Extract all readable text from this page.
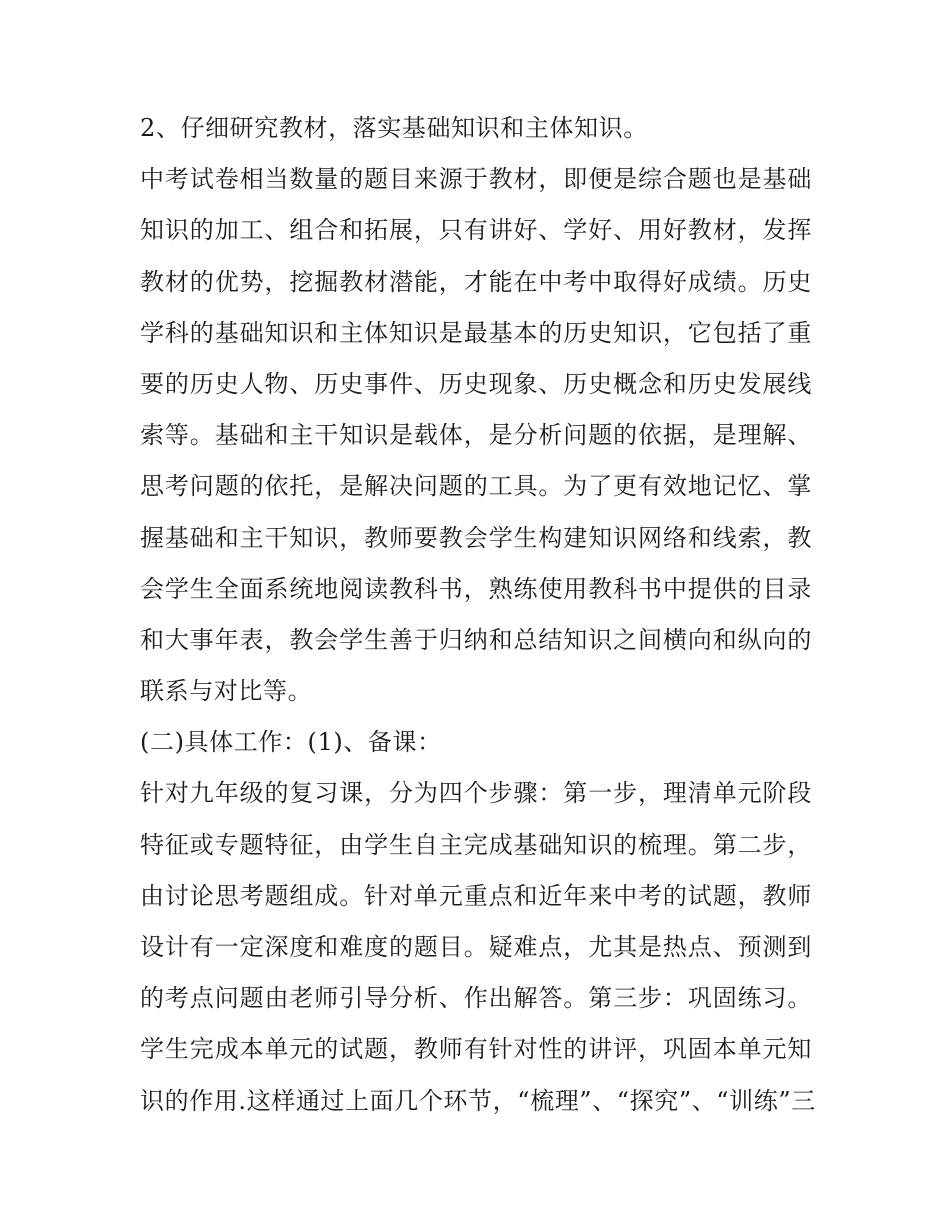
2、仔细研究教材，落实基础知识和主体知识。
中考试卷相当数量的题目来源于教材，即便是综合题也是基础
知识的加工、组合和拓展，只有讲好、学好、用好教材，发挥
教材的优势，挖掘教材潜能，才能在中考中取得好成绩。历史
学科的基础知识和主体知识是最基本的历史知识，它包括了重
要的历史人物、历史事件、历史现象、历史概念和历史发展线
索等。基础和主干知识是载体，是分析问题的依据，是理解、
思考问题的依托，是解决问题的工具。为了更有效地记忆、掌
握基础和主干知识，教师要教会学生构建知识网络和线索，教
会学生全面系统地阅读教科书，熟练使用教科书中提供的目录
和大事年表，教会学生善于归纳和总结知识之间横向和纵向的
联系与对比等。
(二)具体工作：(1)、备课：
针对九年级的复习课，分为四个步骤：第一步，理清单元阶段
特征或专题特征，由学生自主完成基础知识的梳理。第二步，
由讨论思考题组成。针对单元重点和近年来中考的试题，教师
设计有一定深度和难度的题目。疑难点，尤其是热点、预测到
的考点问题由老师引导分析、作出解答。第三步：巩固练习。
学生完成本单元的试题，教师有针对性的讲评，巩固本单元知
识的作用.这样通过上面几个环节，“梳理”、“探究”、“训练”三
